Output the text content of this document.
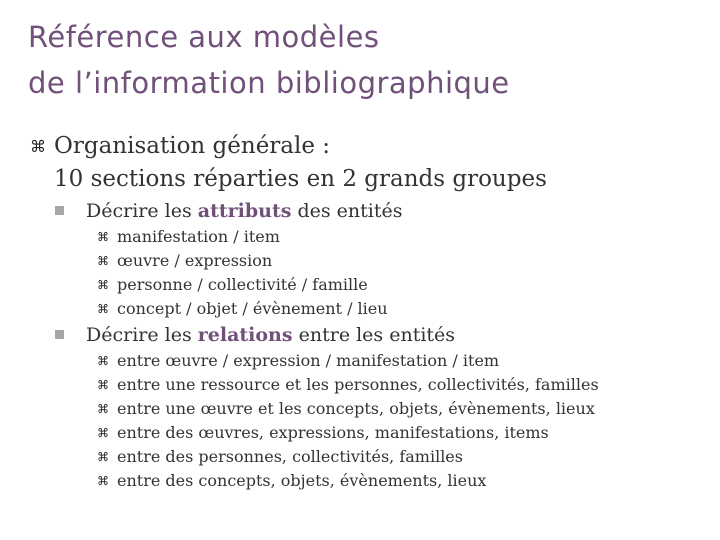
Référence aux modèles
de l’information bibliographique
⌘ Organisation générale :
10 sections réparties en 2 grands groupes
Décrire les attributs des entités
⌘ manifestation / item
⌘ œuvre / expression
⌘ personne / collectivité / famille
⌘ concept / objet / évènement / lieu
Décrire les relations entre les entités
⌘ entre œuvre / expression / manifestation / item
⌘ entre une ressource et les personnes, collectivités, familles
⌘ entre une œuvre et les concepts, objets, évènements, lieux
⌘ entre des œuvres, expressions, manifestations, items
⌘ entre des personnes, collectivités, familles
⌘ entre des concepts, objets, évènements, lieux
